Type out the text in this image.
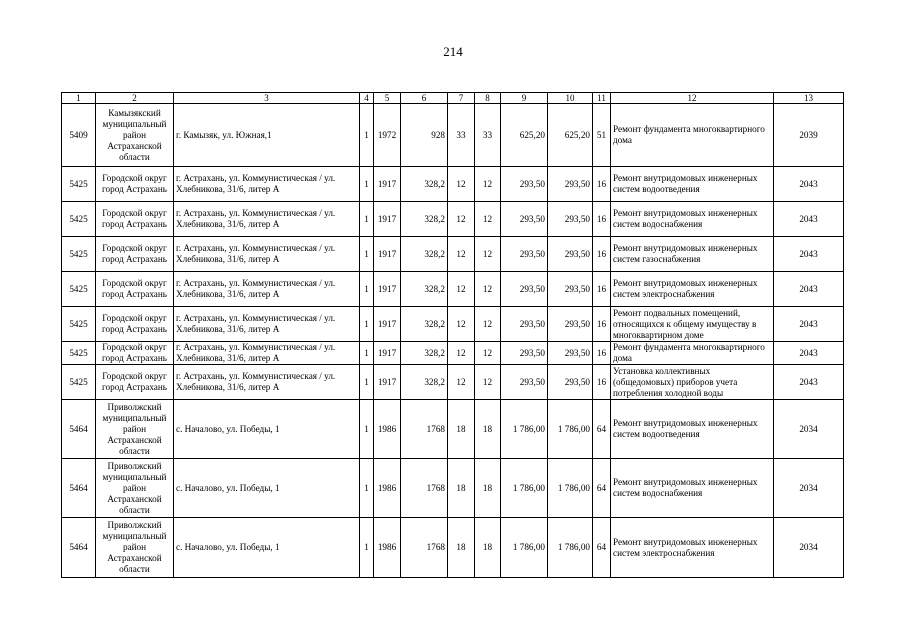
214
1	2	3	4	5	6	7	8	9	10	11	12	13
5409	Камызякский муниципальный район Астраханской области	г. Камызяк, ул. Южная,1	1	1972	928	33	33	625,20	625,20	51	Ремонт фундамента многоквартирного дома	2039
5425	Городской округ город Астрахань	г. Астрахань, ул. Коммунистическая / ул. Хлебникова, 31/6, литер А	1	1917	328,2	12	12	293,50	293,50	16	Ремонт внутридомовых инженерных систем водоотведения	2043
5425	Городской округ город Астрахань	г. Астрахань, ул. Коммунистическая / ул. Хлебникова, 31/6, литер А	1	1917	328,2	12	12	293,50	293,50	16	Ремонт внутридомовых инженерных систем водоснабжения	2043
5425	Городской округ город Астрахань	г. Астрахань, ул. Коммунистическая / ул. Хлебникова, 31/6, литер А	1	1917	328,2	12	12	293,50	293,50	16	Ремонт внутридомовых инженерных систем газоснабжения	2043
5425	Городской округ город Астрахань	г. Астрахань, ул. Коммунистическая / ул. Хлебникова, 31/6, литер А	1	1917	328,2	12	12	293,50	293,50	16	Ремонт внутридомовых инженерных систем электроснабжения	2043
5425	Городской округ город Астрахань	г. Астрахань, ул. Коммунистическая / ул. Хлебникова, 31/6, литер А	1	1917	328,2	12	12	293,50	293,50	16	Ремонт подвальных помещений, относящихся к общему имуществу в многоквартирном доме	2043
5425	Городской округ город Астрахань	г. Астрахань, ул. Коммунистическая / ул. Хлебникова, 31/6, литер А	1	1917	328,2	12	12	293,50	293,50	16	Ремонт фундамента многоквартирного дома	2043
5425	Городской округ город Астрахань	г. Астрахань, ул. Коммунистическая / ул. Хлебникова, 31/6, литер А	1	1917	328,2	12	12	293,50	293,50	16	Установка коллективных (общедомовых) приборов учета потребления холодной воды	2043
5464	Приволжский муниципальный район Астраханской области	с. Началово, ул. Победы, 1	1	1986	1768	18	18	1 786,00	1 786,00	64	Ремонт внутридомовых инженерных систем водоотведения	2034
5464	Приволжский муниципальный район Астраханской области	с. Началово, ул. Победы, 1	1	1986	1768	18	18	1 786,00	1 786,00	64	Ремонт внутридомовых инженерных систем водоснабжения	2034
5464	Приволжский муниципальный район Астраханской области	с. Началово, ул. Победы, 1	1	1986	1768	18	18	1 786,00	1 786,00	64	Ремонт внутридомовых инженерных систем электроснабжения	2034
